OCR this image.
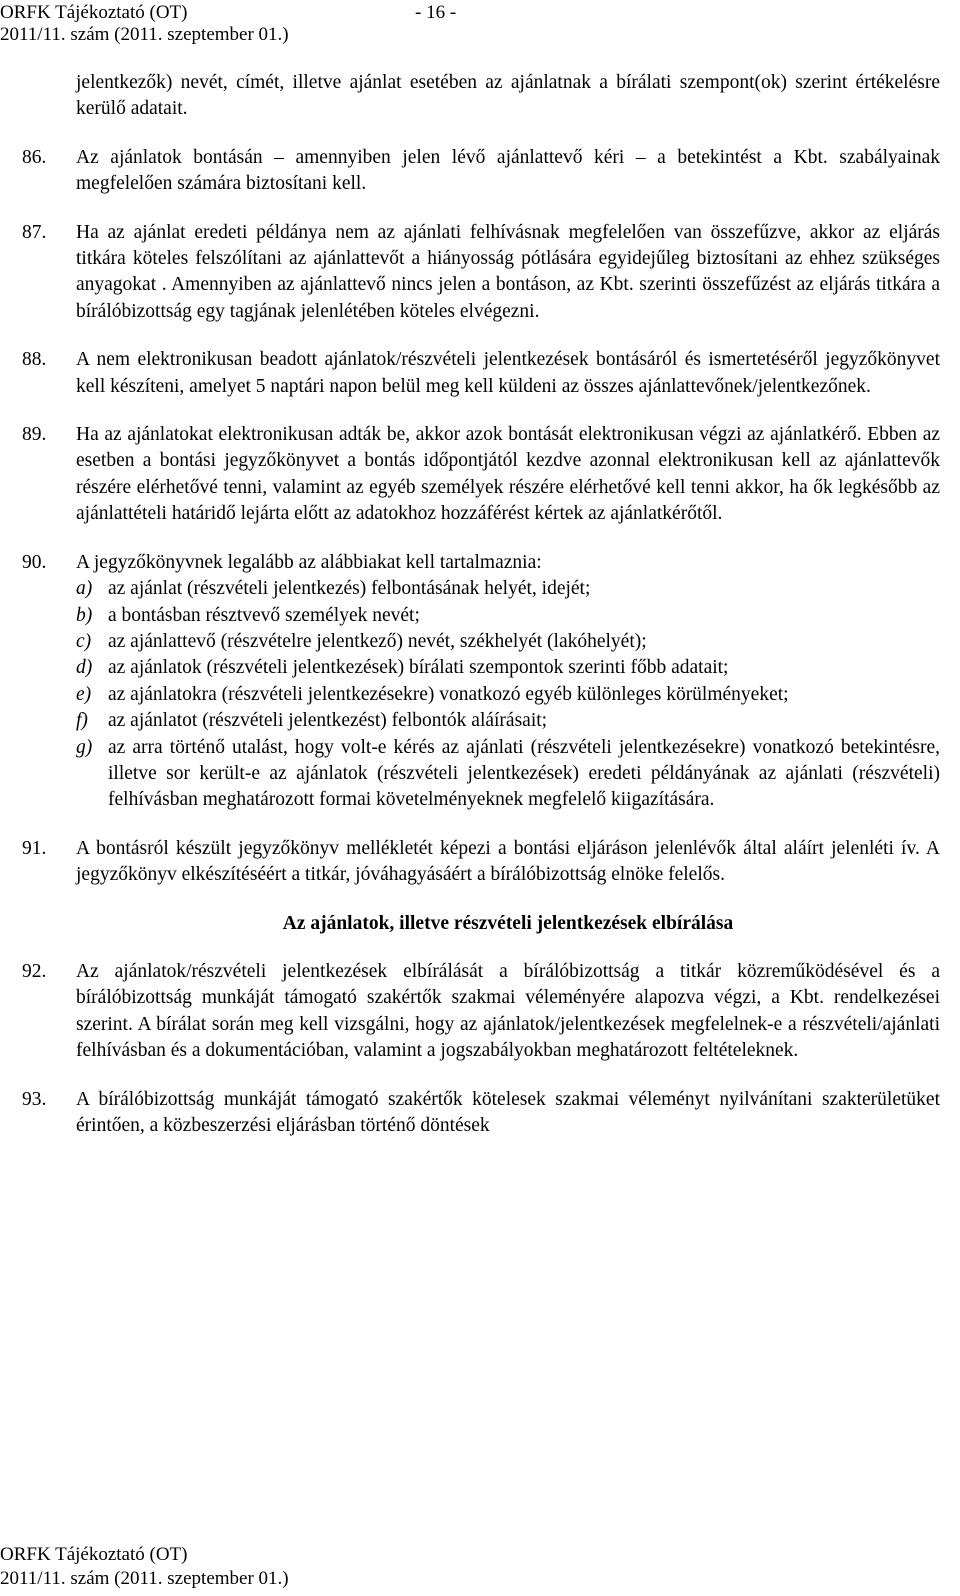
ORFK Tájékoztató (OT)	- 16 -
2011/11. szám (2011. szeptember 01.)

jelentkezők) nevét, címét, illetve ajánlat esetében az ajánlatnak a bírálati szempont(ok) szerint értékelésre kerülő adatait.

86. Az ajánlatok bontásán – amennyiben jelen lévő ajánlattevő kéri – a betekintést a Kbt. szabályainak megfelelően számára biztosítani kell.

87. Ha az ajánlat eredeti példánya nem az ajánlati felhívásnak megfelelően van összefűzve, akkor az eljárás titkára köteles felszólítani az ajánlattevőt a hiányosság pótlására egyidejűleg biztosítani az ehhez szükséges anyagokat . Amennyiben az ajánlattevő nincs jelen a bontáson, az Kbt. szerinti összefűzést az eljárás titkára a bírálóbizottság egy tagjának jelenlétében köteles elvégezni.

88. A nem elektronikusan beadott ajánlatok/részvételi jelentkezések bontásáról és ismertetéséről jegyzőkönyvet kell készíteni, amelyet 5 naptári napon belül meg kell küldeni az összes ajánlattevőnek/jelentkezőnek.

89. Ha az ajánlatokat elektronikusan adták be, akkor azok bontását elektronikusan végzi az ajánlatkérő. Ebben az esetben a bontási jegyzőkönyvet a bontás időpontjától kezdve azonnal elektronikusan kell az ajánlattevők részére elérhetővé tenni, valamint az egyéb személyek részére elérhetővé kell tenni akkor, ha ők legkésőbb az ajánlattételi határidő lejárta előtt az adatokhoz hozzáférést kértek az ajánlatkérőtől.

90. A jegyzőkönyvnek legalább az alábbiakat kell tartalmaznia:
a) az ajánlat (részvételi jelentkezés) felbontásának helyét, idejét;
b) a bontásban résztvevő személyek nevét;
c) az ajánlattevő (részvételre jelentkező) nevét, székhelyét (lakóhelyét);
d) az ajánlatok (részvételi jelentkezések) bírálati szempontok szerinti főbb adatait;
e) az ajánlatokra (részvételi jelentkezésekre) vonatkozó egyéb különleges körülményeket;
f) az ajánlatot (részvételi jelentkezést) felbontók aláírásait;
g) az arra történő utalást, hogy volt-e kérés az ajánlati (részvételi jelentkezésekre) vonatkozó betekintésre, illetve sor került-e az ajánlatok (részvételi jelentkezések) eredeti példányának az ajánlati (részvételi) felhívásban meghatározott formai követelményeknek megfelelő kiigazítására.

91. A bontásról készült jegyzőkönyv mellékletét képezi a bontási eljáráson jelenlévők által aláírt jelenléti ív. A jegyzőkönyv elkészítéséért a titkár, jóváhagyásáért a bírálóbizottság elnöke felelős.

Az ajánlatok, illetve részvételi jelentkezések elbírálása

92. Az ajánlatok/részvételi jelentkezések elbírálását a bírálóbizottság a titkár közreműködésével és a bírálóbizottság munkáját támogató szakértők szakmai véleményére alapozva végzi, a Kbt. rendelkezései szerint. A bírálat során meg kell vizsgálni, hogy az ajánlatok/jelentkezések megfelelnek-e a részvételi/ajánlati felhívásban és a dokumentációban, valamint a jogszabályokban meghatározott feltételeknek.

93. A bírálóbizottság munkáját támogató szakértők kötelesek szakmai véleményt nyilvánítani szakterületüket érintően, a közbeszerzési eljárásban történő döntések

ORFK Tájékoztató (OT)
2011/11. szám (2011. szeptember 01.)
